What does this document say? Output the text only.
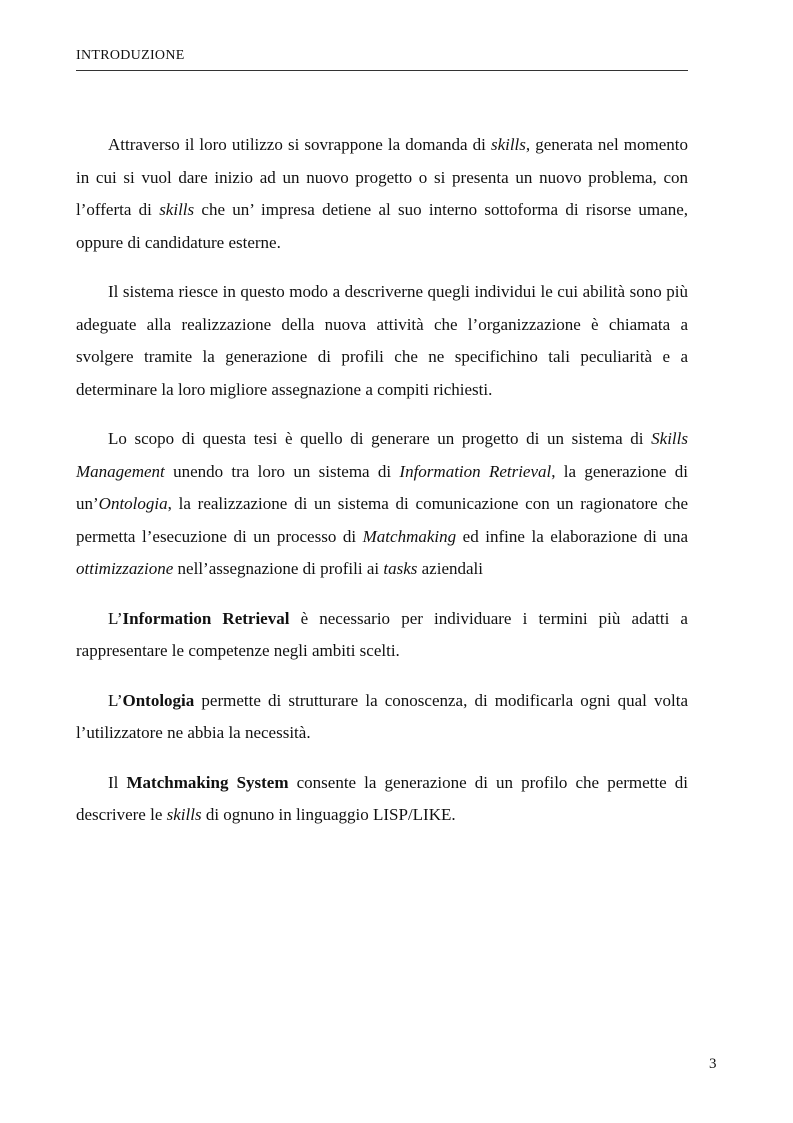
INTRODUZIONE

Attraverso il loro utilizzo si sovrappone la domanda di skills, generata nel momento in cui si vuol dare inizio ad un nuovo progetto o si presenta un nuovo problema, con l’offerta di skills che un’ impresa detiene al suo interno sottoforma di risorse umane, oppure di candidature esterne.

Il sistema riesce in questo modo a descriverne quegli individui le cui abilità sono più adeguate alla realizzazione della nuova attività che l’organizzazione è chiamata a svolgere tramite la generazione di profili che ne specifichino tali peculiarità e a determinare la loro migliore assegnazione a compiti richiesti.

Lo scopo di questa tesi è quello di generare un progetto di un sistema di Skills Management unendo tra loro un sistema di Information Retrieval, la generazione di un’Ontologia, la realizzazione di un sistema di comunicazione con un ragionatore che permetta l’esecuzione di un processo di Matchmaking ed infine la elaborazione di una ottimizzazione nell’assegnazione di profili ai tasks aziendali

L’Information Retrieval è necessario per individuare i termini più adatti a rappresentare le competenze negli ambiti scelti.

L’Ontologia permette di strutturare la conoscenza, di modificarla ogni qual volta l’utilizzatore ne abbia la necessità.

Il Matchmaking System consente la generazione di un profilo che permette di descrivere le skills di ognuno in linguaggio LISP/LIKE.

3
